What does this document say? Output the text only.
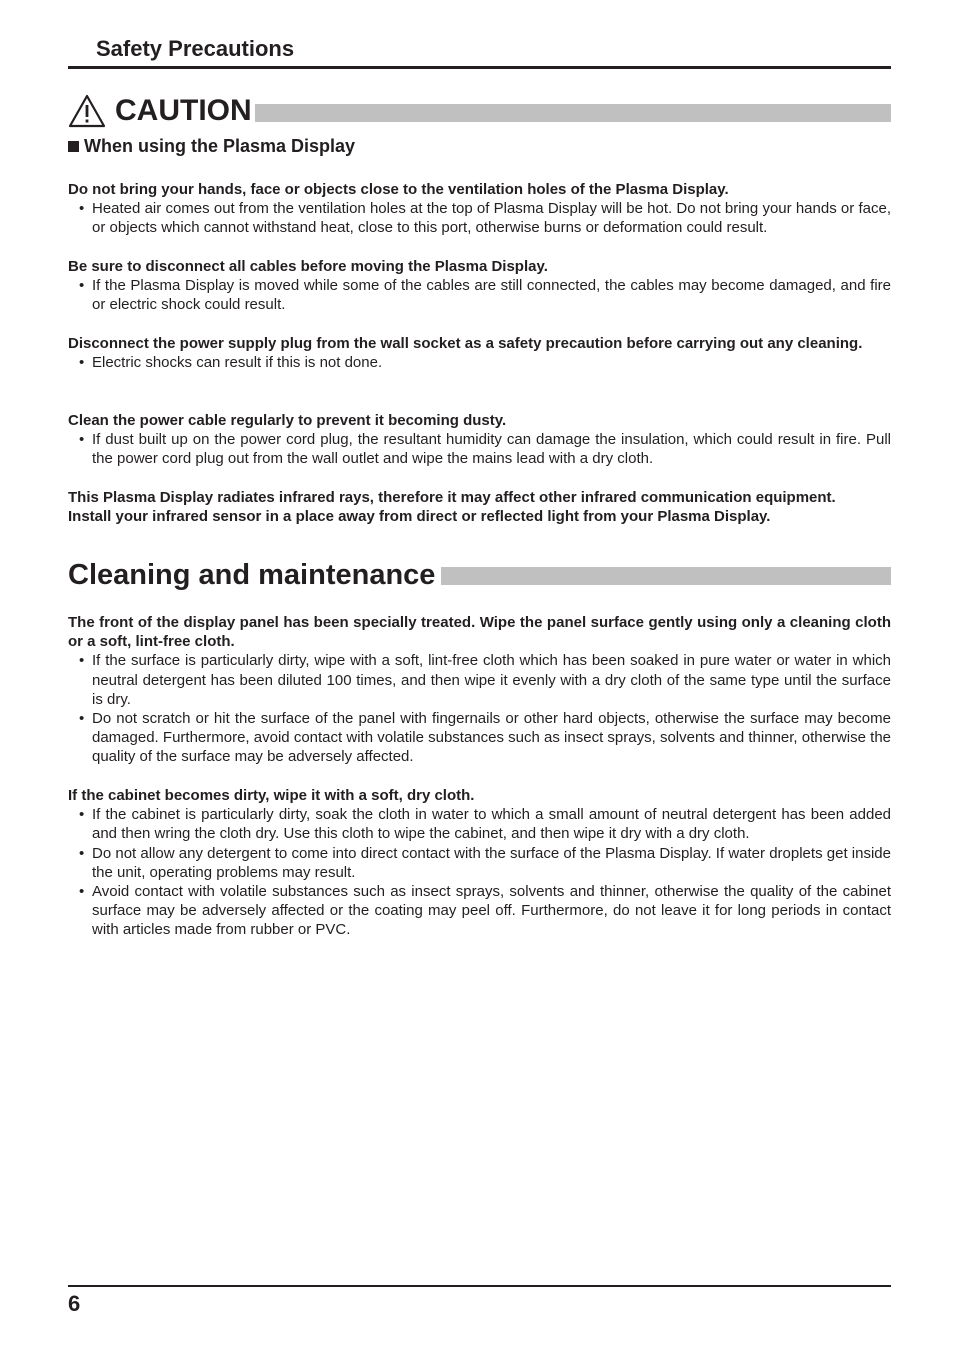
Safety Precautions
CAUTION
When using the Plasma Display
Do not bring your hands, face or objects close to the ventilation holes of the Plasma Display.
• Heated air comes out from the ventilation holes at the top of Plasma Display will be hot. Do not bring your hands or face, or objects which cannot withstand heat, close to this port, otherwise burns or deformation could result.
Be sure to disconnect all cables before moving the Plasma Display.
• If the Plasma Display is moved while some of the cables are still connected, the cables may become damaged, and fire or electric shock could result.
Disconnect the power supply plug from the wall socket as a safety precaution before carrying out any cleaning.
• Electric shocks can result if this is not done.
Clean the power cable regularly to prevent it becoming dusty.
• If dust built up on the power cord plug, the resultant humidity can damage the insulation, which could result in fire. Pull the power cord plug out from the wall outlet and wipe the mains lead with a dry cloth.
This Plasma Display radiates infrared rays, therefore it may affect other infrared communication equipment.
Install your infrared sensor in a place away from direct or reflected light from your Plasma Display.
Cleaning and maintenance
The front of the display panel has been specially treated. Wipe the panel surface gently using only a cleaning cloth or a soft, lint-free cloth.
• If the surface is particularly dirty, wipe with a soft, lint-free cloth which has been soaked in pure water or water in which neutral detergent has been diluted 100 times, and then wipe it evenly with a dry cloth of the same type until the surface is dry.
• Do not scratch or hit the surface of the panel with fingernails or other hard objects, otherwise the surface may become damaged. Furthermore, avoid contact with volatile substances such as insect sprays, solvents and thinner, otherwise the quality of the surface may be adversely affected.
If the cabinet becomes dirty, wipe it with a soft, dry cloth.
• If the cabinet is particularly dirty, soak the cloth in water to which a small amount of neutral detergent has been added and then wring the cloth dry. Use this cloth to wipe the cabinet, and then wipe it dry with a dry cloth.
• Do not allow any detergent to come into direct contact with the surface of the Plasma Display. If water droplets get inside the unit, operating problems may result.
• Avoid contact with volatile substances such as insect sprays, solvents and thinner, otherwise the quality of the cabinet surface may be adversely affected or the coating may peel off. Furthermore, do not leave it for long periods in contact with articles made from rubber or PVC.
6
